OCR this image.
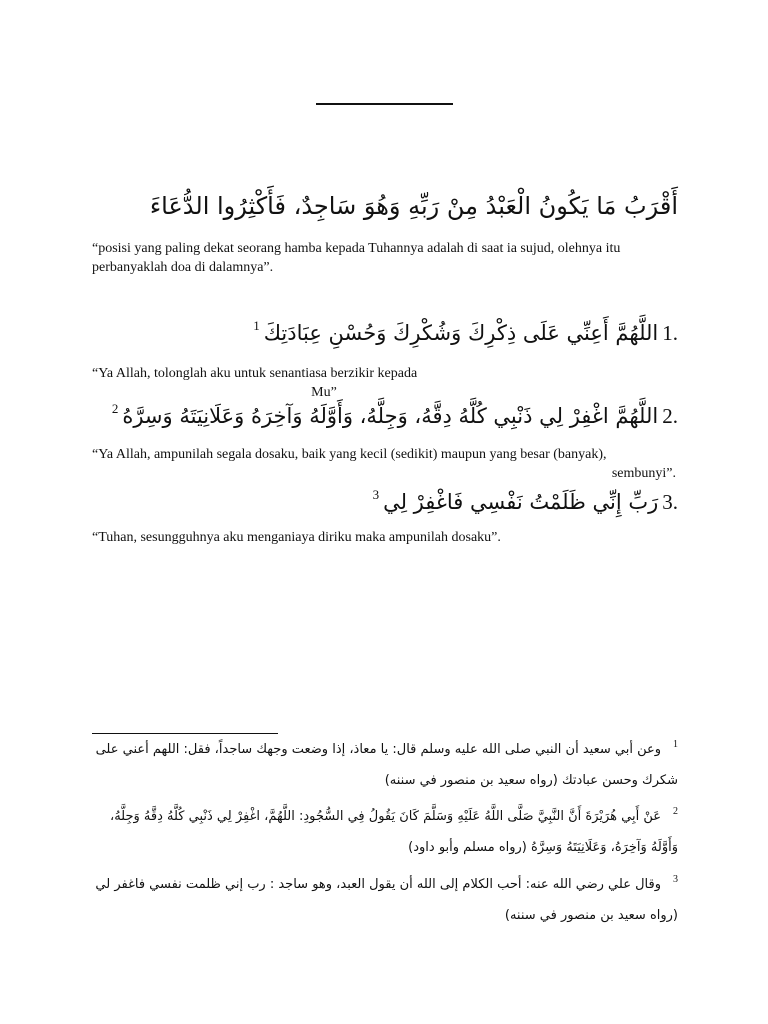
أَقْرَبُ مَا يَكُونُ الْعَبْدُ مِنْ رَبِّهِ وَهُوَ سَاجِدٌ، فَأَكْثِرُوا الدُّعَاءَ
“posisi yang paling dekat seorang hamba kepada Tuhannya adalah di saat ia sujud, olehnya itu perbanyaklah doa di dalamnya”.
1.
اللَّهُمَّ أَعِنِّي عَلَى ذِكْرِكَ وَشُكْرِكَ وَحُسْنِ عِبَادَتِكَ
1
“Ya Allah, tolonglah aku untuk senantiasa berzikir kepada
Mu”
2.
اللَّهُمَّ اغْفِرْ لِي ذَنْبِي كُلَّهُ دِقَّهُ، وَجِلَّهُ، وَأَوَّلَهُ وَآخِرَهُ وَعَلَانِيَتَهُ وَسِرَّهُ
2
“Ya Allah, ampunilah segala dosaku, baik yang kecil (sedikit) maupun yang besar (banyak),
sembunyi”.
3.
رَبِّ إِنِّي ظَلَمْتُ نَفْسِي فَاغْفِرْ لِي
3
“Tuhan, sesungguhnya aku menganiaya diriku maka ampunilah dosaku”.
1وعن أبي سعيد أن النبي صلى الله عليه وسلم قال: يا معاذ، إذا وضعت وجهك ساجداً، فقل: اللهم أعني على شكرك وحسن عبادتك (رواه سعيد بن منصور في سننه)
2عَنْ أَبِي هُرَيْرَةَ أَنَّ النَّبِيَّ صَلَّى اللَّهُ عَلَيْهِ وَسَلَّمَ كَانَ يَقُولُ فِي السُّجُودِ: اللَّهُمَّ، اغْفِرْ لِي ذَنْبِي كُلَّهُ دِقَّهُ وَجِلَّهُ، وَأَوَّلَهُ وَآخِرَهُ، وَعَلَانِيَتَهُ وَسِرَّهُ (رواه مسلم وأبو داود)
3وقال علي رضي الله عنه: أحب الكلام إلى الله أن يقول العبد، وهو ساجد : رب إني ظلمت نفسي فاغفر لي (رواه سعيد بن منصور في سننه)
